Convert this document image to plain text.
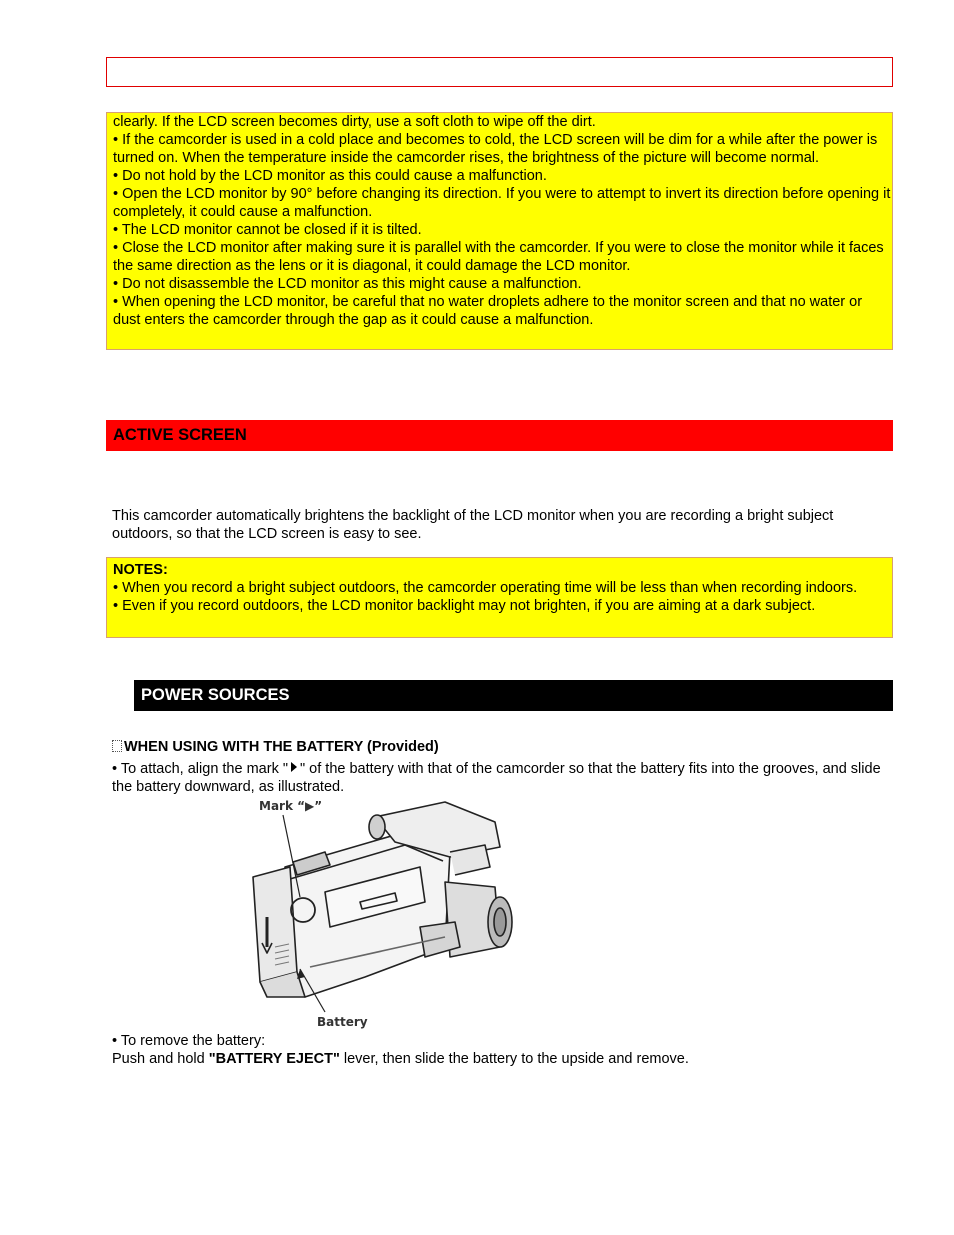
clearly. If the LCD screen becomes dirty, use a soft cloth to wipe off the dirt.

• If the camcorder is used in a cold place and becomes to cold, the LCD screen will be dim for a while after the power is turned on. When the temperature inside the camcorder rises, the brightness of the picture will become normal.

• Do not hold by the LCD monitor as this could cause a malfunction.

• Open the LCD monitor by 90° before changing its direction. If you were to attempt to invert its direction before opening it completely, it could cause a malfunction.

• The LCD monitor cannot be closed if it is tilted.

• Close the LCD monitor after making sure it is parallel with the camcorder. If you were to close the monitor while it faces the same direction as the lens or it is diagonal, it could damage the LCD monitor.

• Do not disassemble the LCD monitor as this might cause a malfunction.

• When opening the LCD monitor, be careful that no water droplets adhere to the monitor screen and that no water or dust enters the camcorder through the gap as it could cause a malfunction.

ACTIVE SCREEN
This camcorder automatically brightens the backlight of the LCD monitor when you are recording a bright subject outdoors, so that the LCD screen is easy to see.

NOTES:

• When you record a bright subject outdoors, the camcorder operating time will be less than when recording indoors.

• Even if you record outdoors, the LCD monitor backlight may not brighten, if you are aiming at a dark subject.

POWER SOURCES
WHEN USING WITH THE BATTERY (Provided)
• To attach, align the mark " " of the battery with that of the camcorder so that the battery fits into the grooves, and slide the battery downward, as illustrated.
Mark “▶”
Battery
• To remove the battery:
Push and hold "BATTERY EJECT" lever, then slide the battery to the upside and remove.
